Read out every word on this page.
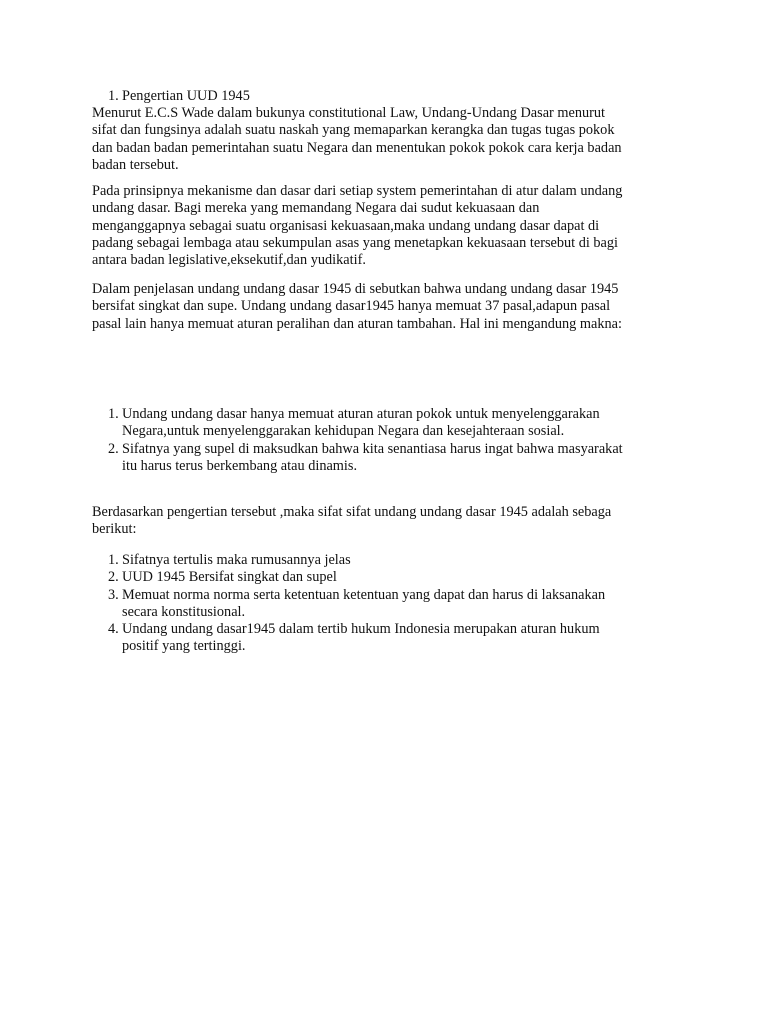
1. Pengertian UUD 1945
Menurut E.C.S Wade dalam bukunya constitutional Law, Undang-Undang Dasar menurut
sifat dan fungsinya adalah suatu naskah yang memaparkan kerangka dan tugas tugas pokok
dan badan badan pemerintahan suatu Negara dan menentukan pokok pokok cara kerja badan
badan tersebut.
Pada prinsipnya mekanisme dan dasar dari setiap system pemerintahan di atur dalam undang
undang dasar. Bagi mereka yang memandang Negara dai sudut kekuasaan dan
menganggapnya sebagai suatu organisasi kekuasaan,maka undang undang dasar dapat di
padang sebagai lembaga atau sekumpulan asas yang menetapkan kekuasaan tersebut di bagi
antara badan legislative,eksekutif,dan yudikatif.
Dalam penjelasan undang undang dasar 1945 di sebutkan bahwa undang undang dasar 1945
bersifat singkat dan supe. Undang undang dasar1945 hanya memuat 37 pasal,adapun pasal
pasal lain hanya memuat aturan peralihan dan aturan tambahan. Hal ini mengandung makna:
1. Undang undang dasar hanya memuat aturan aturan pokok untuk menyelenggarakan
Negara,untuk menyelenggarakan kehidupan Negara dan kesejahteraan sosial.
2. Sifatnya yang supel di maksudkan bahwa kita senantiasa harus ingat bahwa masyarakat
itu harus terus berkembang atau dinamis.
Berdasarkan pengertian tersebut ,maka sifat sifat undang undang dasar 1945 adalah sebaga
berikut:
1. Sifatnya tertulis maka rumusannya jelas
2. UUD 1945 Bersifat singkat dan supel
3. Memuat norma norma serta ketentuan ketentuan yang dapat dan harus di laksanakan
secara konstitusional.
4. Undang undang dasar1945 dalam tertib hukum Indonesia merupakan aturan hukum
positif yang tertinggi.
